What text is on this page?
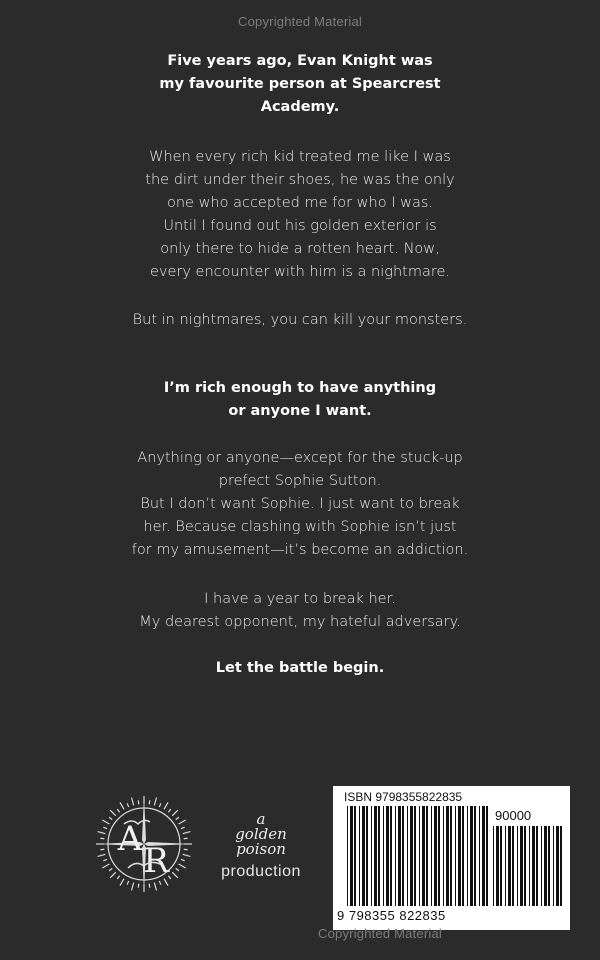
Copyrighted Material

Five years ago, Evan Knight was

my favourite person at Spearcrest

Academy.

When every rich kid treated me like I was

the dirt under their shoes, he was the only

one who accepted me for who I was.

Until I found out his golden exterior is

only there to hide a rotten heart. Now,

every encounter with him is a nightmare.

But in nightmares, you can kill your monsters.

I’m rich enough to have anything

or anyone I want.

Anything or anyone—except for the stuck-up

prefect Sophie Sutton.

But I don’t want Sophie. I just want to break

her. Because clashing with Sophie isn’t just

for my amusement—it’s become an addiction.

I have a year to break her.

My dearest opponent, my hateful adversary.

Let the battle begin.

A
R
a
golden
poison
production
ISBN 9798355822835
90000
9 798355 822835
Copyrighted Material
